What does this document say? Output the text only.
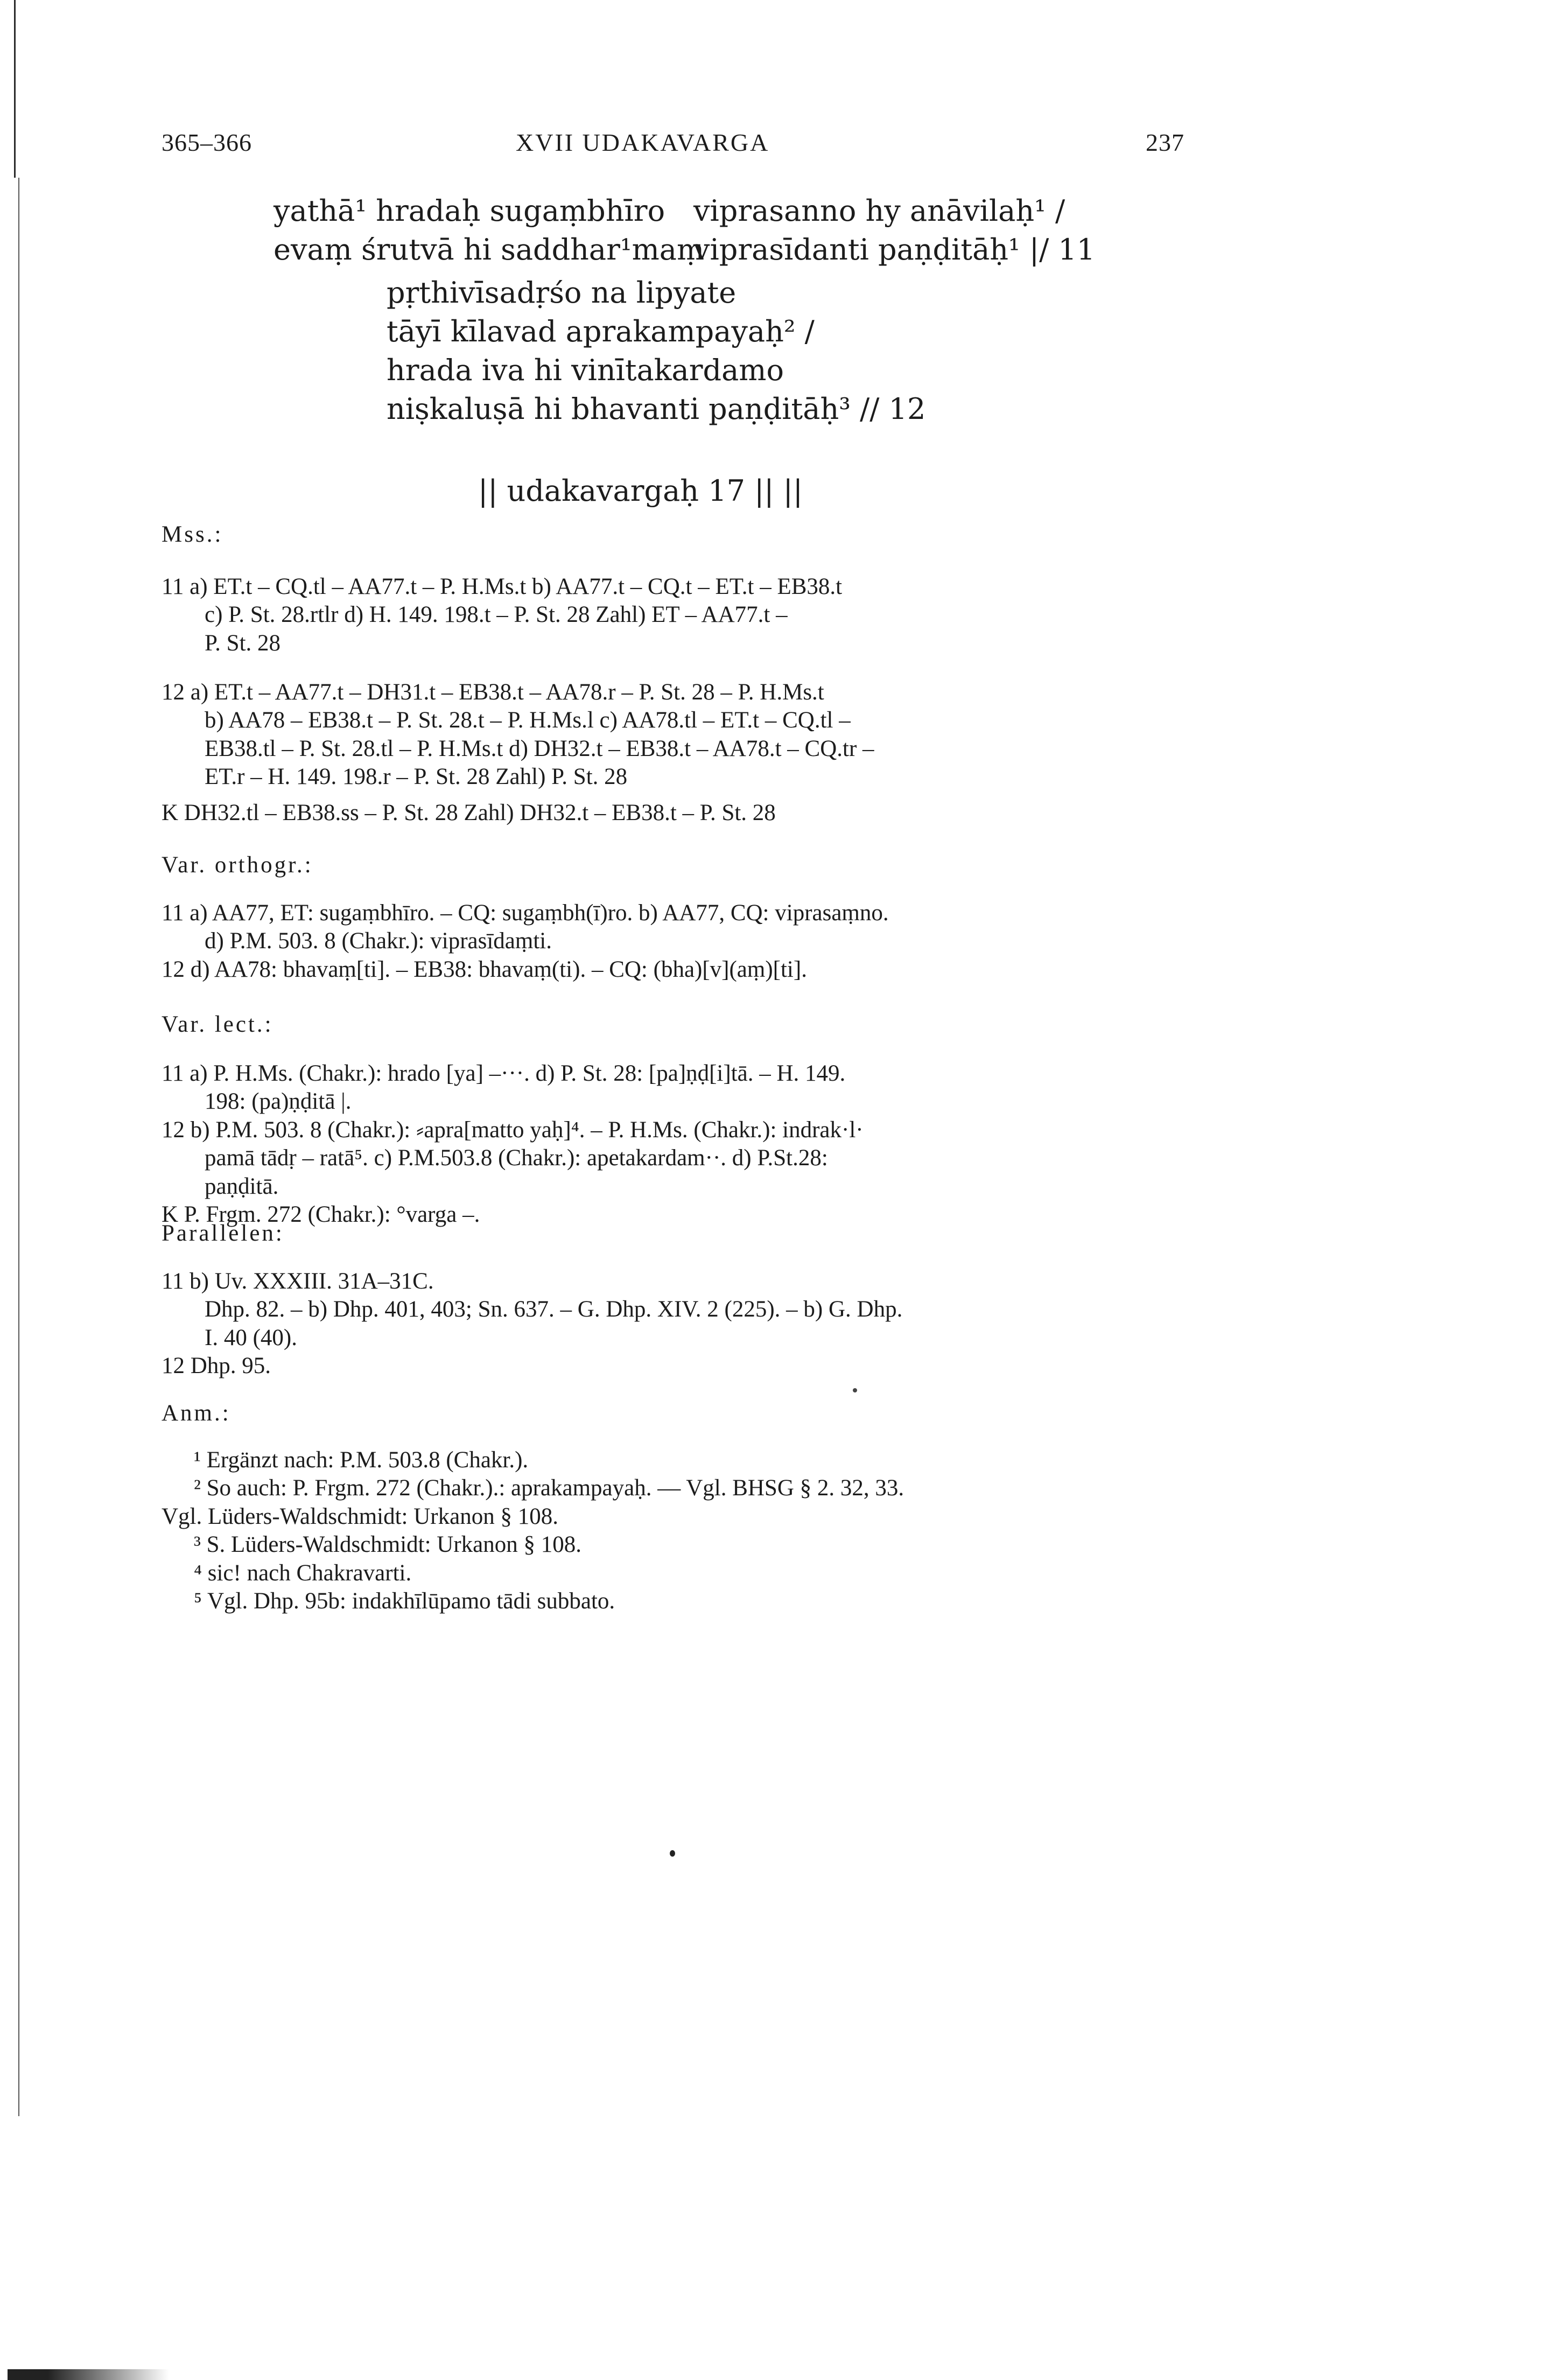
365–366	XVII UDAKAVARGA	237
yathā¹ hradaḥ sugaṃbhīro viprasanno hy anāvilaḥ¹ /
evaṃ śrutvā hi saddhar¹maṃ
viprasīdanti paṇḍitāḥ¹ |/ 11
pṛthivīsadṛśo na lipyate
tāyī kīlavad aprakampayaḥ² /
hrada iva hi vinītakardamo
niṣkaluṣā hi bhavanti paṇḍitāḥ³ // 12
|| udakavargaḥ 17 || ||
Mss.:
11 a) ET.t – CQ.tl – AA77.t – P. H.Ms.t b) AA77.t – CQ.t – ET.t – EB38.t
c) P. St. 28.rtlr d) H. 149. 198.t – P. St. 28 Zahl) ET – AA77.t –
P. St. 28
12 a) ET.t – AA77.t – DH31.t – EB38.t – AA78.r – P. St. 28 – P. H.Ms.t
b) AA78 – EB38.t – P. St. 28.t – P. H.Ms.l c) AA78.tl – ET.t – CQ.tl –
EB38.tl – P. St. 28.tl – P. H.Ms.t d) DH32.t – EB38.t – AA78.t – CQ.tr –
ET.r – H. 149. 198.r – P. St. 28 Zahl) P. St. 28
K DH32.tl – EB38.ss – P. St. 28 Zahl) DH32.t – EB38.t – P. St. 28
Var. orthogr.:
11 a) AA77, ET: sugaṃbhīro. – CQ: sugaṃbh(ī)ro. b) AA77, CQ: viprasaṃno.
d) P.M. 503. 8 (Chakr.): viprasīdaṃti.
12 d) AA78: bhavaṃ[ti]. – EB38: bhavaṃ(ti). – CQ: (bha)[v](aṃ)[ti].
Var. lect.:
11 a) P. H.Ms. (Chakr.): hrado [ya] –···. d) P. St. 28: [pa]ṇḍ[i]tā. – H. 149.
198: (pa)ṇḍitā |.
12 b) P.M. 503. 8 (Chakr.): ⸗apra[matto yaḥ]⁴. – P. H.Ms. (Chakr.): indrak·l·
pamā tādṛ – ratā⁵. c) P.M.503.8 (Chakr.): apetakardam··. d) P.St.28:
paṇḍitā.
K P. Frgm. 272 (Chakr.): °varga –.
Parallelen:
11 b) Uv. XXXIII. 31A–31C.
Dhp. 82. – b) Dhp. 401, 403; Sn. 637. – G. Dhp. XIV. 2 (225). – b) G. Dhp.
I. 40 (40).
12 Dhp. 95.
Anm.:
¹ Ergänzt nach: P.M. 503.8 (Chakr.).
² So auch: P. Frgm. 272 (Chakr.).: aprakampayaḥ. — Vgl. BHSG § 2. 32, 33.
Vgl. Lüders-Waldschmidt: Urkanon § 108.
³ S. Lüders-Waldschmidt: Urkanon § 108.
⁴ sic! nach Chakravarti.
⁵ Vgl. Dhp. 95b: indakhīlūpamo tādi subbato.
